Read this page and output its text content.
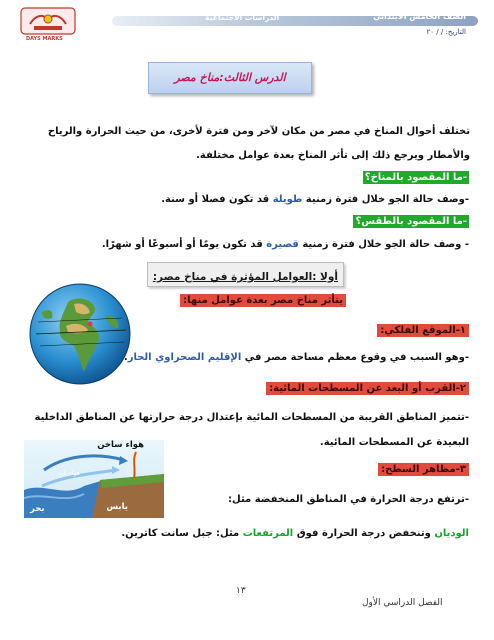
الصف الخامس الابتدائي
الدراسات الاجتماعية
التاريخ: / / ٢٠
DAYS MARKS
الدرس الثالث:مناخ مصر
تختلف أحوال المناخ في مصر من مكان لآخر ومن فترة لأخرى، من حيث الحرارة والرياح
والأمطار ويرجع ذلك إلى تأثر المناخ بعدة عوامل مختلفة.
-ما المقصود بالمناخ؟
-وصف حالة الجو خلال فترة زمنية طويلة قد تكون فصلا أو سنة.
-ما المقصود بالطقس؟
- وصف حالة الجو خلال فترة زمنية قصيرة قد تكون يومًا أو أسبوعًا أو شهرًا.
أولا :العوامل المؤثرة في مناخ مصر:
يتأثر مناخ مصر بعدة عوامل منها:
١-الموقع الفلكي:
-وهو السبب في وقوع معظم مساحة مصر في الإقليم الصحراوي الحار.
٢-القرب أو البعد عن المسطحات المائية:
-تتميز المناطق القريبة من المسطحات المائية بإعتدال درجة حرارتها عن المناطق الداخلية
البعيدة عن المسطحات المائية.
هواء ساخن
هواء بارد
يابس
بحر
٣-مظاهر السطح:
-ترتفع درجة الحرارة في المناطق المنخفضة مثل:
الوديان وتنخفض درجة الحرارة فوق المرتفعات مثل: جبل سانت كاترين.
١٣
الفصل الدراسي الأول
